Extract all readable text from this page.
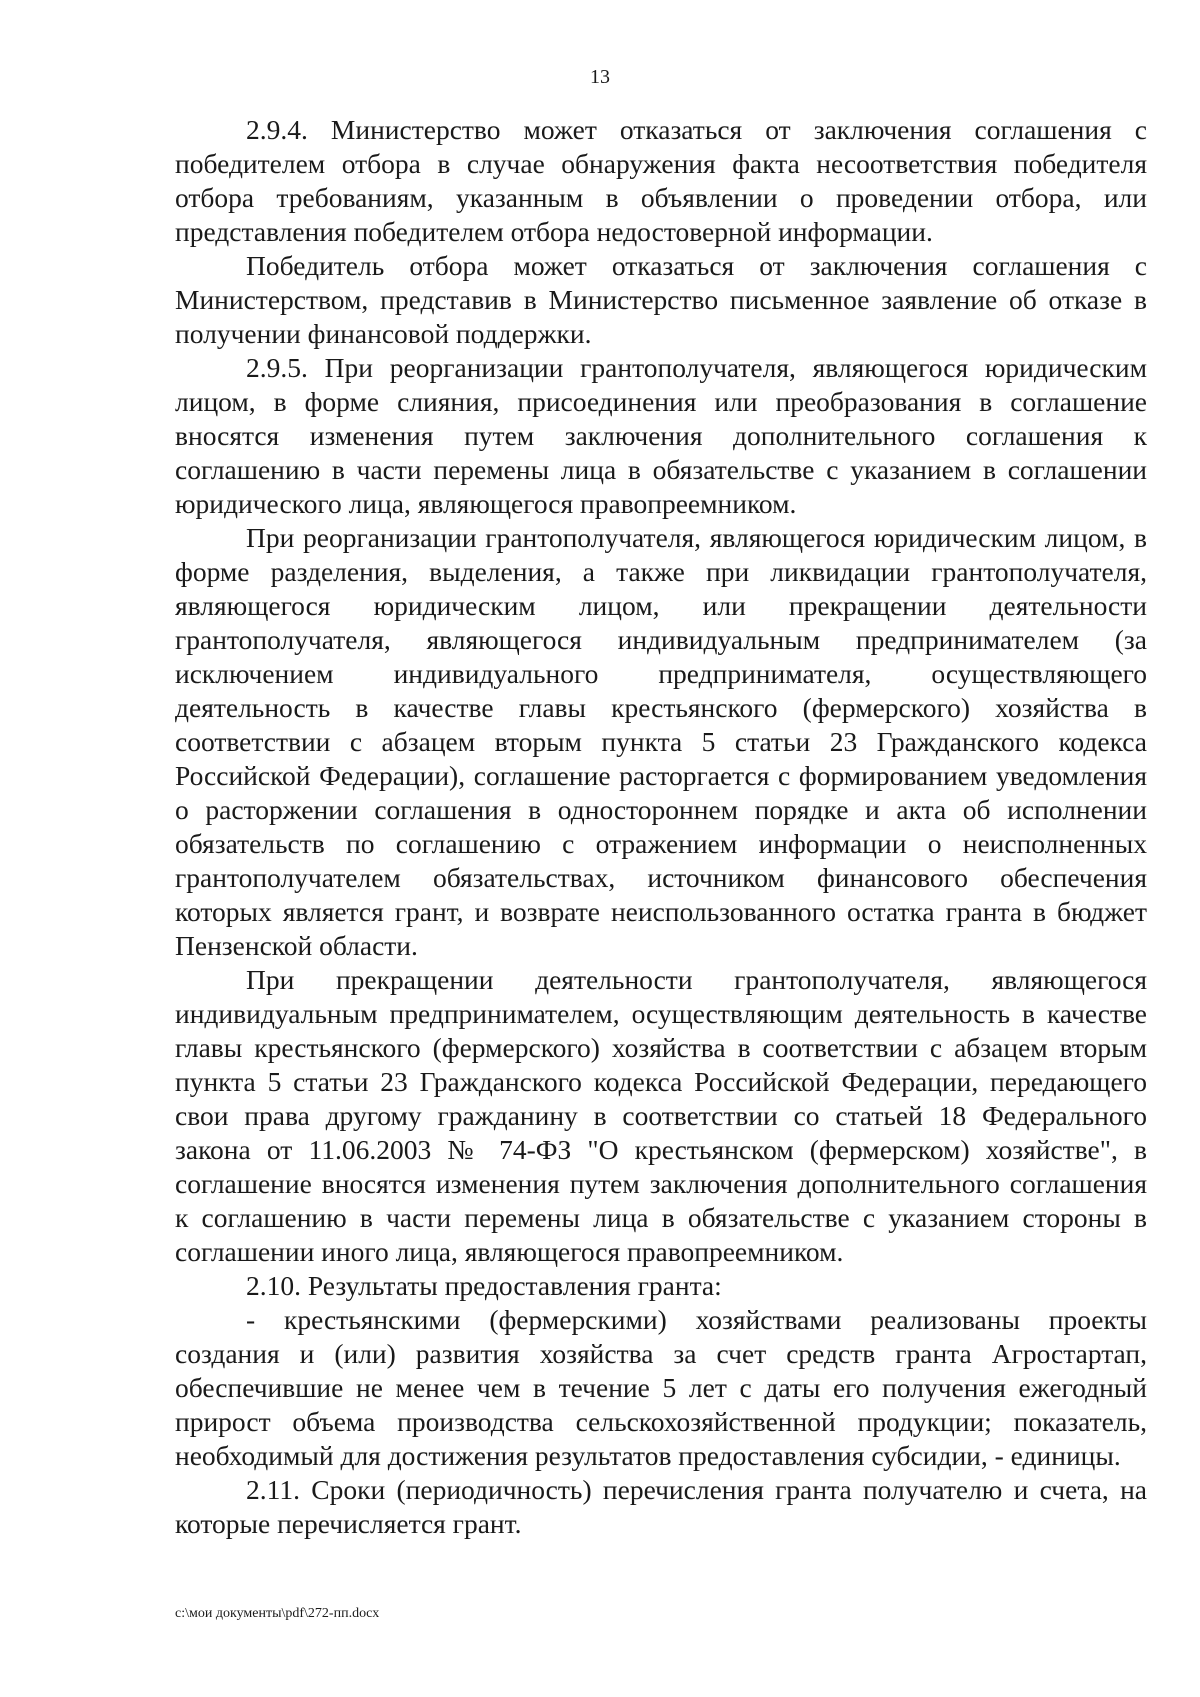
13

2.9.4. Министерство может отказаться от заключения соглашения с победителем отбора в случае обнаружения факта несоответствия победителя отбора требованиям, указанным в объявлении о проведении отбора, или представления победителем отбора недостоверной информации.

Победитель отбора может отказаться от заключения соглашения с Министерством, представив в Министерство письменное заявление об отказе в получении финансовой поддержки.

2.9.5. При реорганизации грантополучателя, являющегося юридическим лицом, в форме слияния, присоединения или преобразования в соглашение вносятся изменения путем заключения дополнительного соглашения к соглашению в части перемены лица в обязательстве с указанием в соглашении юридического лица, являющегося правопреемником.

При реорганизации грантополучателя, являющегося юридическим лицом, в форме разделения, выделения, а также при ликвидации грантополучателя, являющегося юридическим лицом, или прекращении деятельности грантополучателя, являющегося индивидуальным предпринимателем (за исключением индивидуального предпринимателя, осуществляющего деятельность в качестве главы крестьянского (фермерского) хозяйства в соответствии с абзацем вторым пункта 5 статьи 23 Гражданского кодекса Российской Федерации), соглашение расторгается с формированием уведомления о расторжении соглашения в одностороннем порядке и акта об исполнении обязательств по соглашению с отражением информации о неисполненных грантополучателем обязательствах, источником финансового обеспечения которых является грант, и возврате неиспользованного остатка гранта в бюджет Пензенской области.

При прекращении деятельности грантополучателя, являющегося индивидуальным предпринимателем, осуществляющим деятельность в качестве главы крестьянского (фермерского) хозяйства в соответствии с абзацем вторым пункта 5 статьи 23 Гражданского кодекса Российской Федерации, передающего свои права другому гражданину в соответствии со статьей 18 Федерального закона от 11.06.2003 № 74-ФЗ "О крестьянском (фермерском) хозяйстве", в соглашение вносятся изменения путем заключения дополнительного соглашения к соглашению в части перемены лица в обязательстве с указанием стороны в соглашении иного лица, являющегося правопреемником.

2.10. Результаты предоставления гранта:

- крестьянскими (фермерскими) хозяйствами реализованы проекты создания и (или) развития хозяйства за счет средств гранта Агростартап, обеспечившие не менее чем в течение 5 лет с даты его получения ежегодный прирост объема производства сельскохозяйственной продукции; показатель, необходимый для достижения результатов предоставления субсидии, - единицы.

2.11. Сроки (периодичность) перечисления гранта получателю и счета, на которые перечисляется грант.

c:\мои документы\pdf\272-пп.docx
